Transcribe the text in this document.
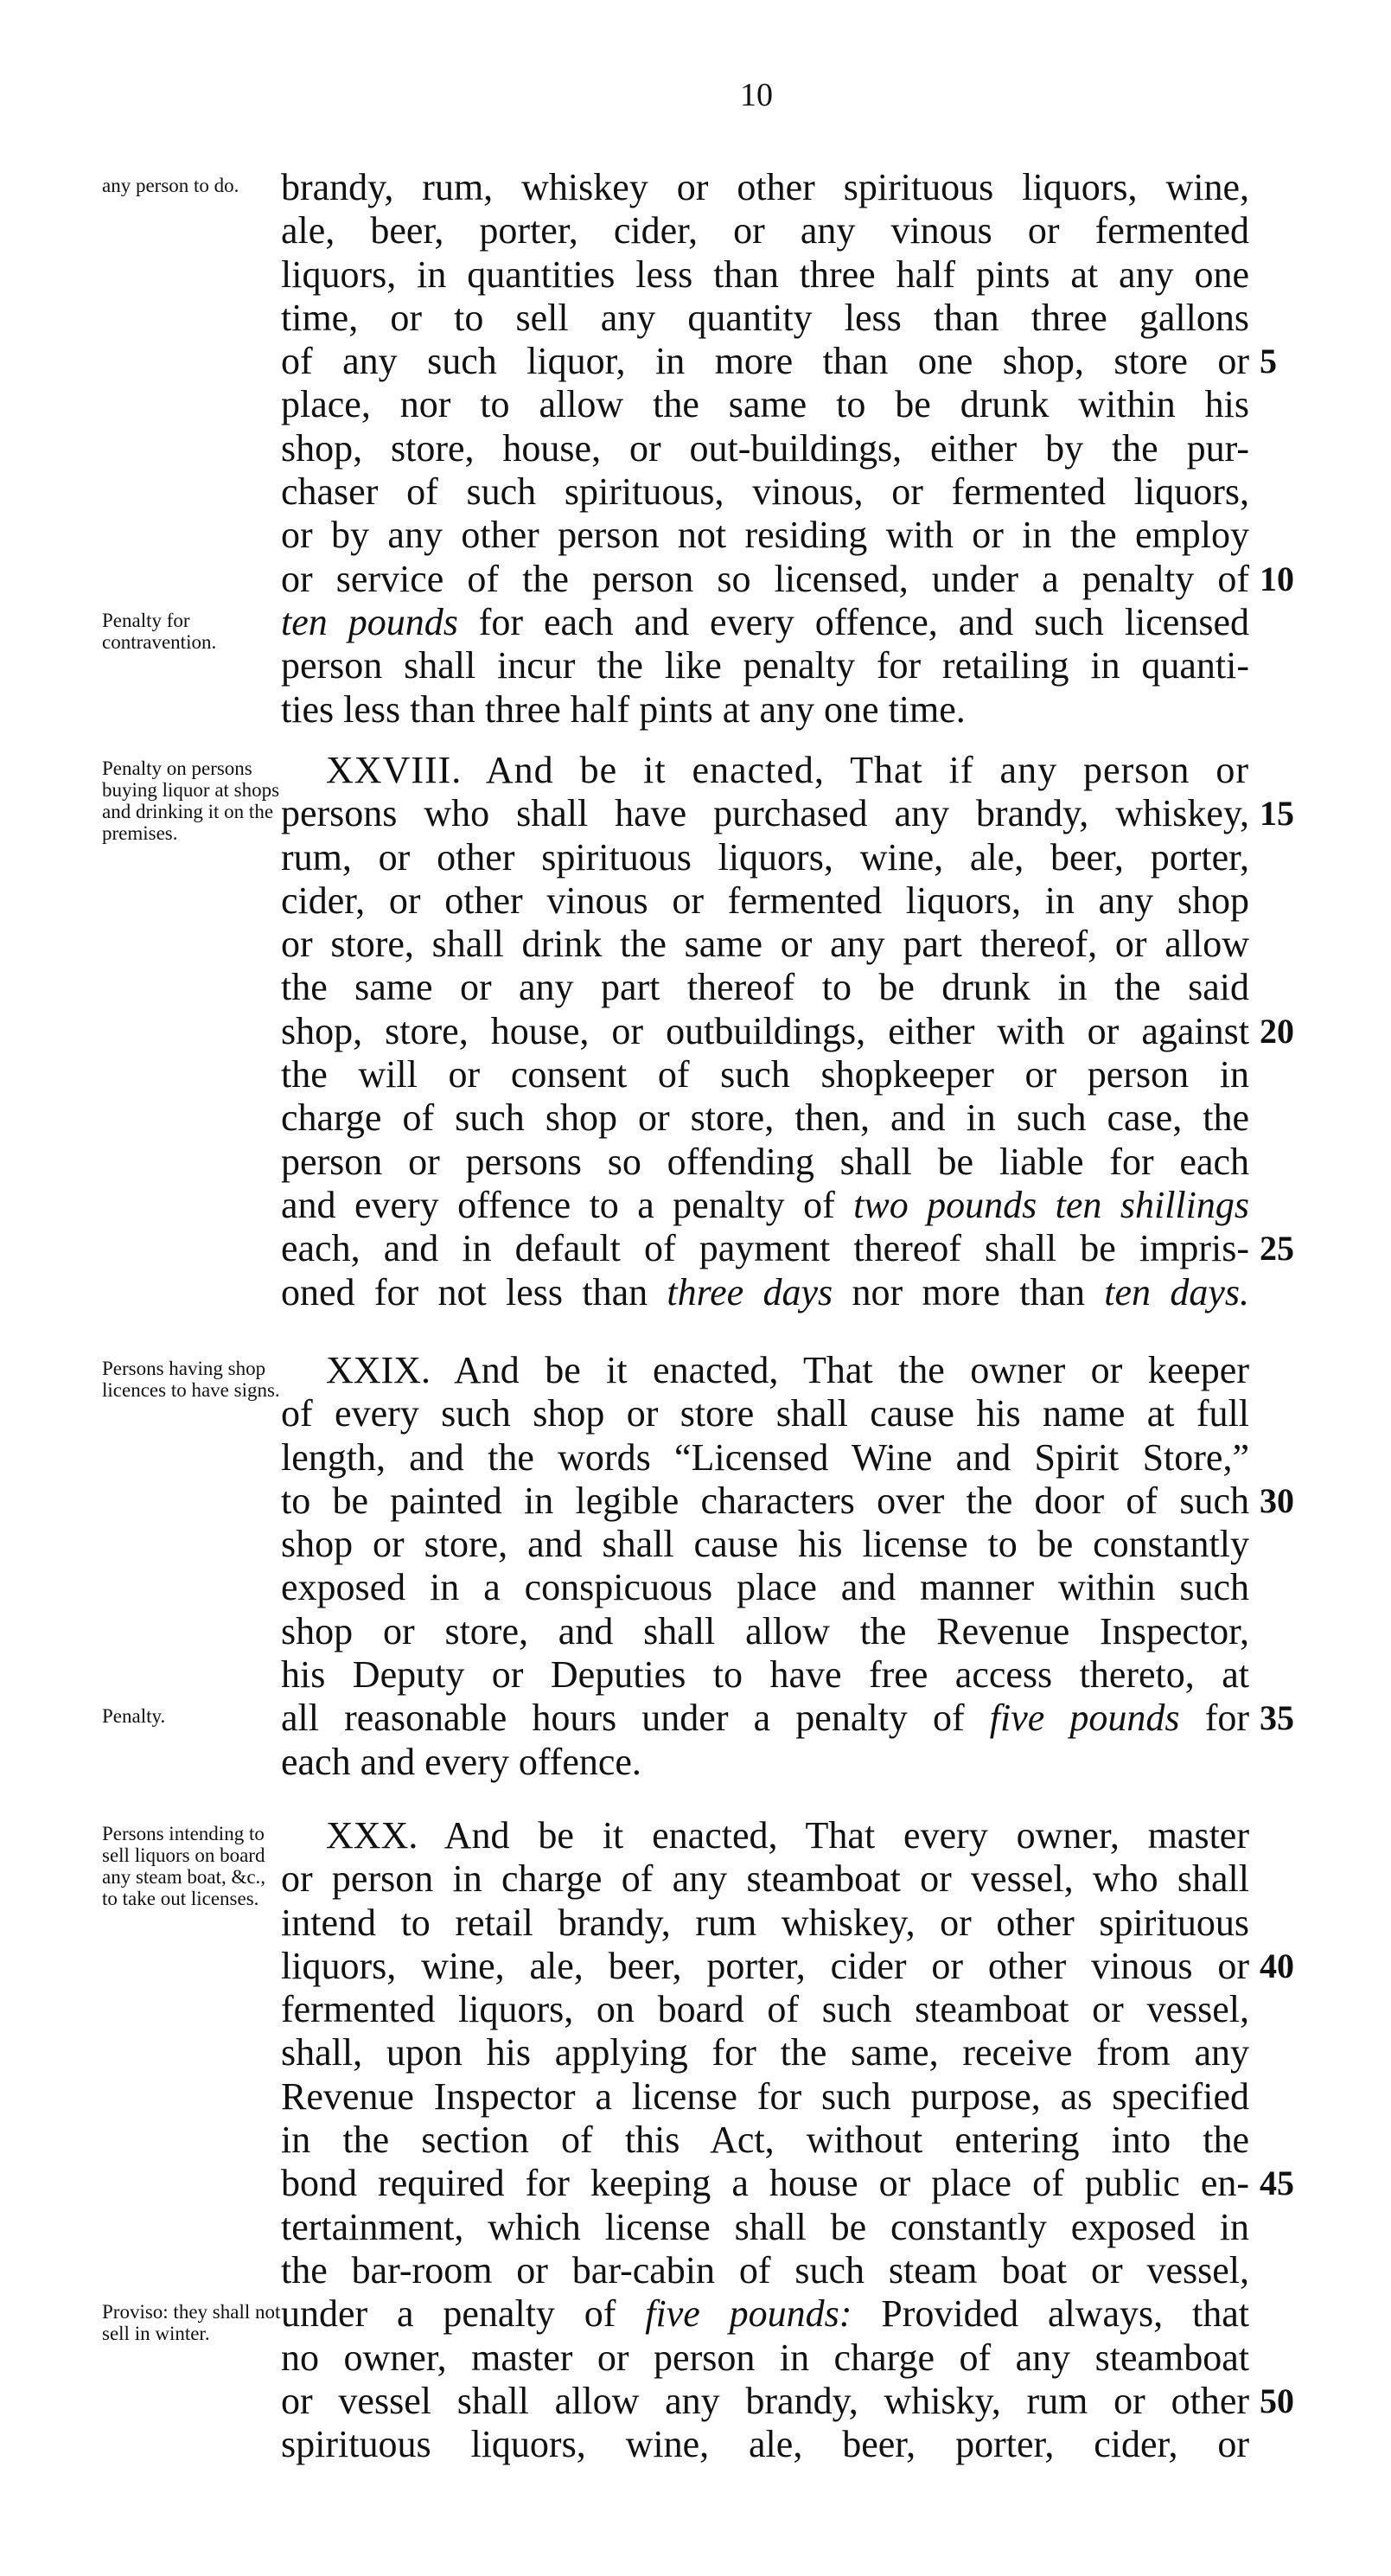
10
any person to do.
Penalty for contravention.
brandy, rum, whiskey or other spirituous liquors, wine,
ale, beer, porter, cider, or any vinous or fermented
liquors, in quantities less than three half pints at any one
time, or to sell any quantity less than three gallons
of any such liquor, in more than one shop, store or 5
place, nor to allow the same to be drunk within his
shop, store, house, or out-buildings, either by the pur-
chaser of such spirituous, vinous, or fermented liquors,
or by any other person not residing with or in the employ
or service of the person so licensed, under a penalty of 10
ten pounds for each and every offence, and such licensed
person shall incur the like penalty for retailing in quanti-
ties less than three half pints at any one time.
Penalty on persons buying liquor at shops and drinking it on the premises.
XXVIII. And be it enacted, That if any person or
persons who shall have purchased any brandy, whiskey, 15
rum, or other spirituous liquors, wine, ale, beer, porter,
cider, or other vinous or fermented liquors, in any shop
or store, shall drink the same or any part thereof, or allow
the same or any part thereof to be drunk in the said
shop, store, house, or outbuildings, either with or against 20
the will or consent of such shopkeeper or person in
charge of such shop or store, then, and in such case, the
person or persons so offending shall be liable for each
and every offence to a penalty of two pounds ten shillings
each, and in default of payment thereof shall be impris- 25
oned for not less than three days nor more than ten days.
Persons having shop licences to have signs.
Penalty.
XXIX. And be it enacted, That the owner or keeper
of every such shop or store shall cause his name at full
length, and the words “Licensed Wine and Spirit Store,”
to be painted in legible characters over the door of such 30
shop or store, and shall cause his license to be constantly
exposed in a conspicuous place and manner within such
shop or store, and shall allow the Revenue Inspector,
his Deputy or Deputies to have free access thereto, at
all reasonable hours under a penalty of five pounds for 35
each and every offence.
Persons intending to sell liquors on board any steam boat, &c., to take out licenses.
Proviso: they shall not sell in winter.
XXX. And be it enacted, That every owner, master
or person in charge of any steamboat or vessel, who shall
intend to retail brandy, rum whiskey, or other spirituous
liquors, wine, ale, beer, porter, cider or other vinous or 40
fermented liquors, on board of such steamboat or vessel,
shall, upon his applying for the same, receive from any
Revenue Inspector a license for such purpose, as specified
in the section of this Act, without entering into the
bond required for keeping a house or place of public en- 45
tertainment, which license shall be constantly exposed in
the bar-room or bar-cabin of such steam boat or vessel,
under a penalty of five pounds: Provided always, that
no owner, master or person in charge of any steamboat
or vessel shall allow any brandy, whisky, rum or other 50
spirituous liquors, wine, ale, beer, porter, cider, or
